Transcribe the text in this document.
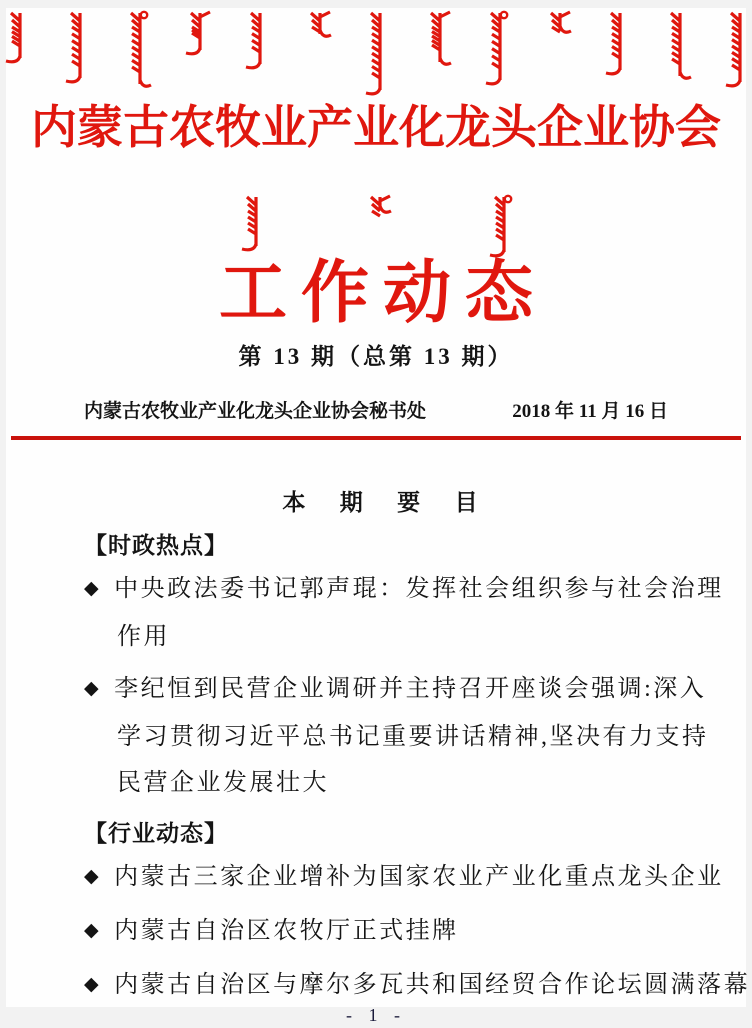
内蒙古农牧业产业化龙头企业协会
工作动态
第 13 期（总第 13 期）
内蒙古农牧业产业化龙头企业协会秘书处	2018 年 11 月 16 日
本 期 要 目
【时政热点】
◆ 中央政法委书记郭声琨：发挥社会组织参与社会治理
作用
◆ 李纪恒到民营企业调研并主持召开座谈会强调:深入
学习贯彻习近平总书记重要讲话精神,坚决有力支持
民营企业发展壮大
【行业动态】
◆ 内蒙古三家企业增补为国家农业产业化重点龙头企业
◆ 内蒙古自治区农牧厅正式挂牌
◆ 内蒙古自治区与摩尔多瓦共和国经贸合作论坛圆满落幕
- 1 -
